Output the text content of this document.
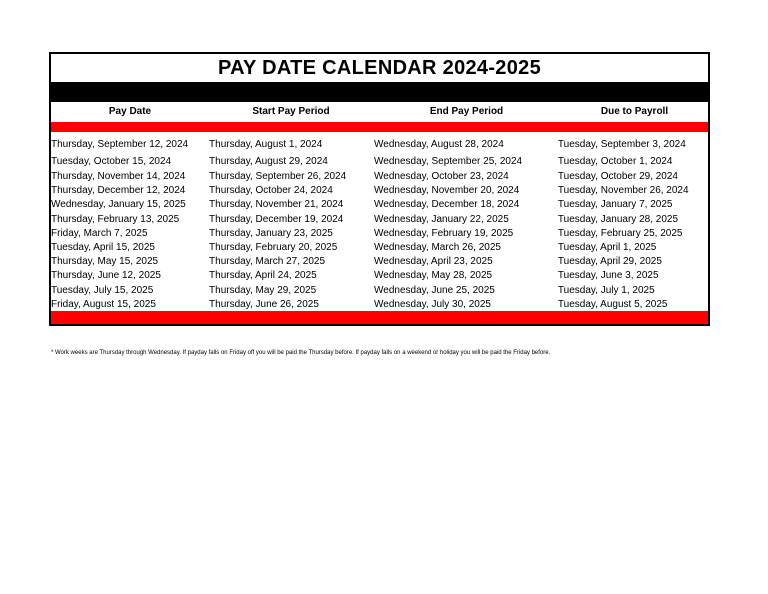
PAY DATE CALENDAR 2024-2025
Pay Date	Start Pay Period	End Pay Period	Due to Payroll
Thursday, September 12, 2024	Thursday, August 1, 2024	Wednesday, August 28, 2024	Tuesday, September 3, 2024
Tuesday, October 15, 2024	Thursday, August 29, 2024	Wednesday, September 25, 2024	Tuesday, October 1, 2024
Thursday, November 14, 2024	Thursday, September 26, 2024	Wednesday, October 23, 2024	Tuesday, October 29, 2024
Thursday, December 12, 2024	Thursday, October 24, 2024	Wednesday, November 20, 2024	Tuesday, November 26, 2024
Wednesday, January 15, 2025	Thursday, November 21, 2024	Wednesday, December 18, 2024	Tuesday, January 7, 2025
Thursday, February 13, 2025	Thursday, December 19, 2024	Wednesday, January 22, 2025	Tuesday, January 28, 2025
Friday, March 7, 2025	Thursday, January 23, 2025	Wednesday, February 19, 2025	Tuesday, February 25, 2025
Tuesday, April 15, 2025	Thursday, February 20, 2025	Wednesday, March 26, 2025	Tuesday, April 1, 2025
Thursday, May 15, 2025	Thursday, March 27, 2025	Wednesday, April 23, 2025	Tuesday, April 29, 2025
Thursday, June 12, 2025	Thursday, April 24, 2025	Wednesday, May 28, 2025	Tuesday, June 3, 2025
Tuesday, July 15, 2025	Thursday, May 29, 2025	Wednesday, June 25, 2025	Tuesday, July 1, 2025
Friday, August 15, 2025	Thursday, June 26, 2025	Wednesday, July 30, 2025	Tuesday, August 5, 2025
* Work weeks are Thursday through Wednesday. If payday falls on Friday off you will be paid the Thursday before. If payday falls on a weekend or holiday you will be paid the Friday before.
